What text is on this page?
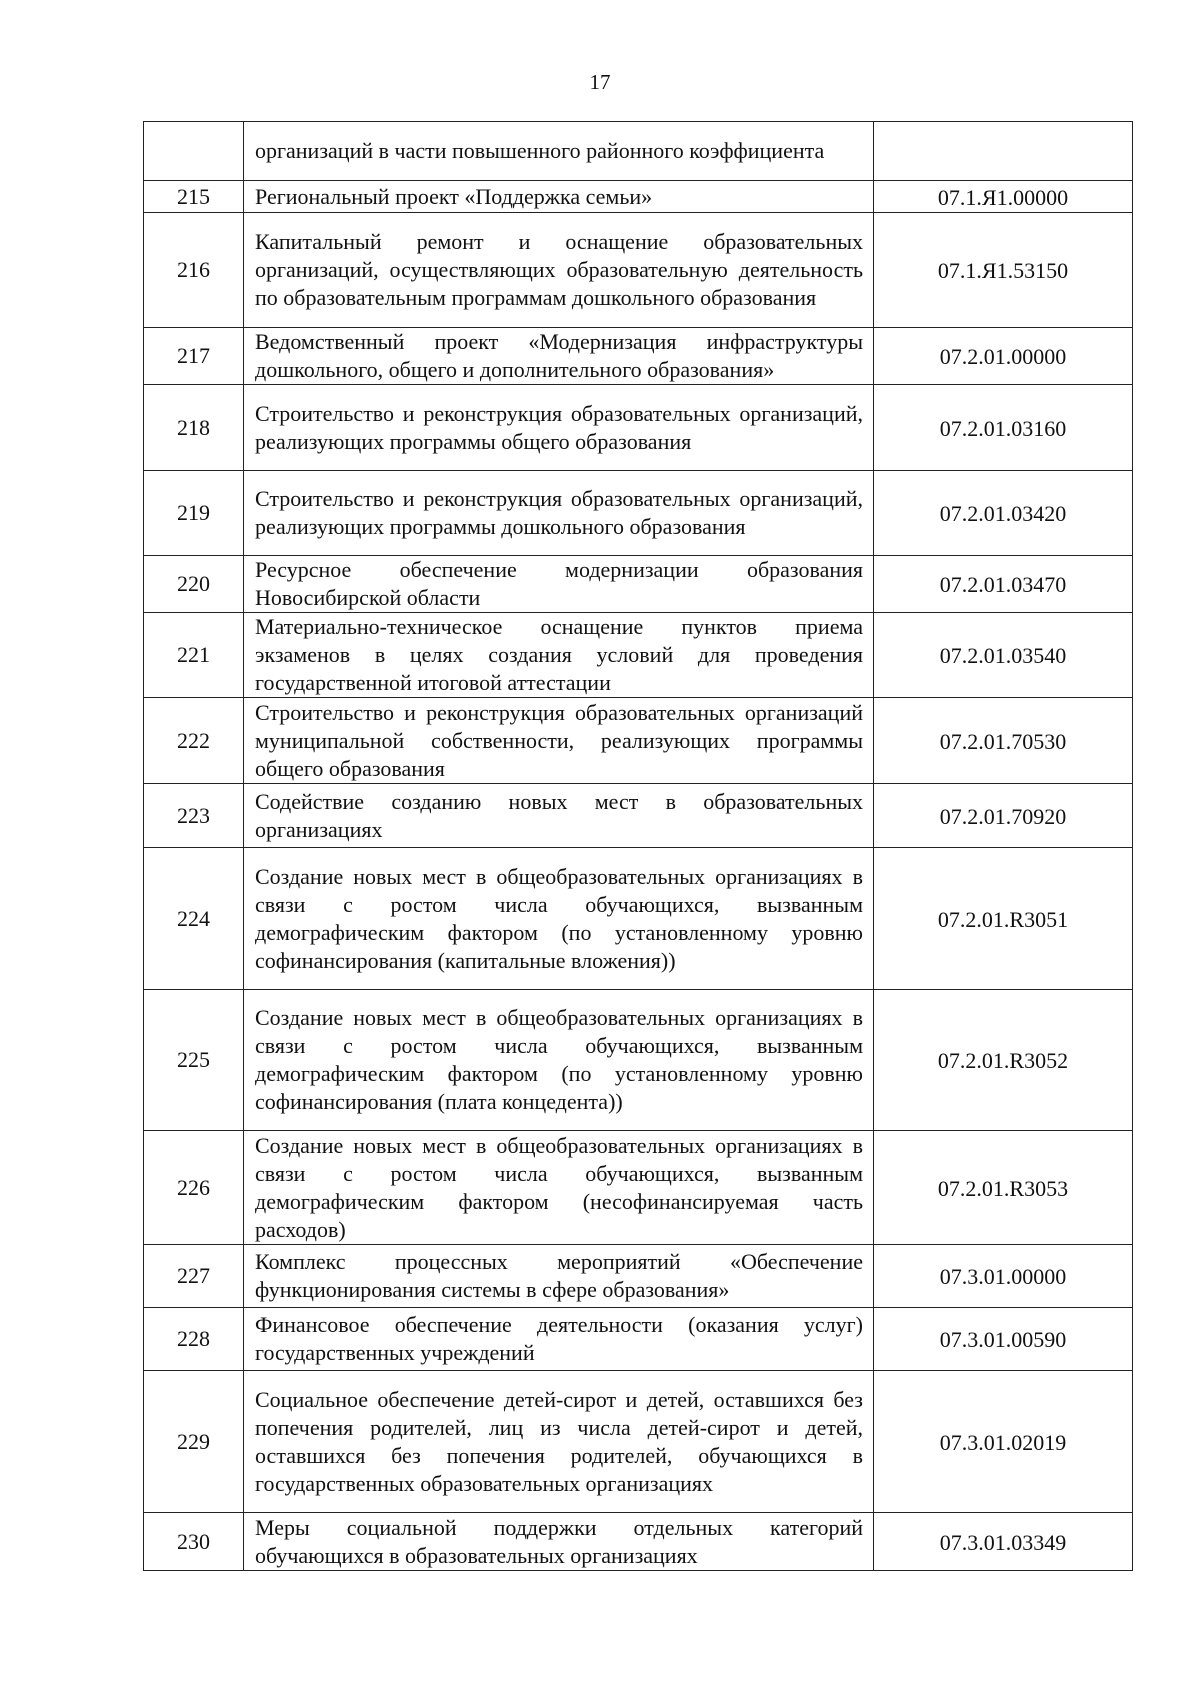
17
	организаций в части повышенного районного коэффициента	
215	Региональный проект «Поддержка семьи»	07.1.Я1.00000
216	Капитальный ремонт и оснащение образовательных организаций, осуществляющих образовательную деятельность по образовательным программам дошкольного образования	07.1.Я1.53150
217	Ведомственный проект «Модернизация инфраструктуры дошкольного, общего и дополнительного образования»	07.2.01.00000
218	Строительство и реконструкция образовательных организаций, реализующих программы общего образования	07.2.01.03160
219	Строительство и реконструкция образовательных организаций, реализующих программы дошкольного образования	07.2.01.03420
220	Ресурсное обеспечение модернизации образования Новосибирской области	07.2.01.03470
221	Материально-техническое оснащение пунктов приема экзаменов в целях создания условий для проведения государственной итоговой аттестации	07.2.01.03540
222	Строительство и реконструкция образовательных организаций муниципальной собственности, реализующих программы общего образования	07.2.01.70530
223	Содействие созданию новых мест в образовательных организациях	07.2.01.70920
224	Создание новых мест в общеобразовательных организациях в связи с ростом числа обучающихся, вызванным демографическим фактором (по установленному уровню софинансирования (капитальные вложения))	07.2.01.R3051
225	Создание новых мест в общеобразовательных организациях в связи с ростом числа обучающихся, вызванным демографическим фактором (по установленному уровню софинансирования (плата концедента))	07.2.01.R3052
226	Создание новых мест в общеобразовательных организациях в связи с ростом числа обучающихся, вызванным демографическим фактором (несофинансируемая часть расходов)	07.2.01.R3053
227	Комплекс процессных мероприятий «Обеспечение функционирования системы в сфере образования»	07.3.01.00000
228	Финансовое обеспечение деятельности (оказания услуг) государственных учреждений	07.3.01.00590
229	Социальное обеспечение детей-сирот и детей, оставшихся без попечения родителей, лиц из числа детей-сирот и детей, оставшихся без попечения родителей, обучающихся в государственных образовательных организациях	07.3.01.02019
230	Меры социальной поддержки отдельных категорий обучающихся в образовательных организациях	07.3.01.03349
